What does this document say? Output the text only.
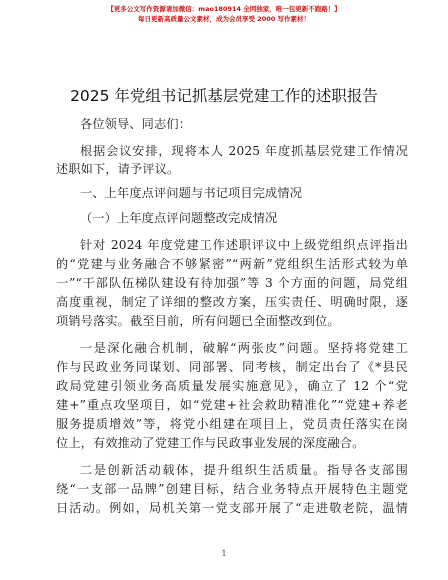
【更多公文写作资源请加微信：mao180914 全网独家，唯一包更新不跑路！】
每日更新高质量公文素材，成为会员享受 2000 写作素材！
2025 年党组书记抓基层党建工作的述职报告
各位领导、同志们：
根据会议安排，现将本人 2025 年度抓基层党建工作情况
述职如下，请予评议。
一、上年度点评问题与书记项目完成情况
（一）上年度点评问题整改完成情况
针对 2024 年度党建工作述职评议中上级党组织点评指出
的“党建与业务融合不够紧密”“两新”党组织生活形式较为单
一”“干部队伍梯队建设有待加强”等 3 个方面的问题，局党组
高度重视，制定了详细的整改方案，压实责任、明确时限，逐
项销号落实。截至目前，所有问题已全面整改到位。
一是深化融合机制，破解“两张皮”问题。坚持将党建工
作与民政业务同谋划、同部署、同考核，制定出台了《*县民
政局党建引领业务高质量发展实施意见》，确立了 12 个“党
建+”重点攻坚项目，如“党建+社会救助精准化”“党建+养老
服务提质增效”等，将党小组建在项目上，党员责任落实在岗
位上，有效推动了党建工作与民政事业发展的深度融合。
二是创新活动载体，提升组织生活质量。指导各支部围
绕“一支部一品牌”创建目标，结合业务特点开展特色主题党
日活动。例如，局机关第一党支部开展了“走进敬老院，温情
1
